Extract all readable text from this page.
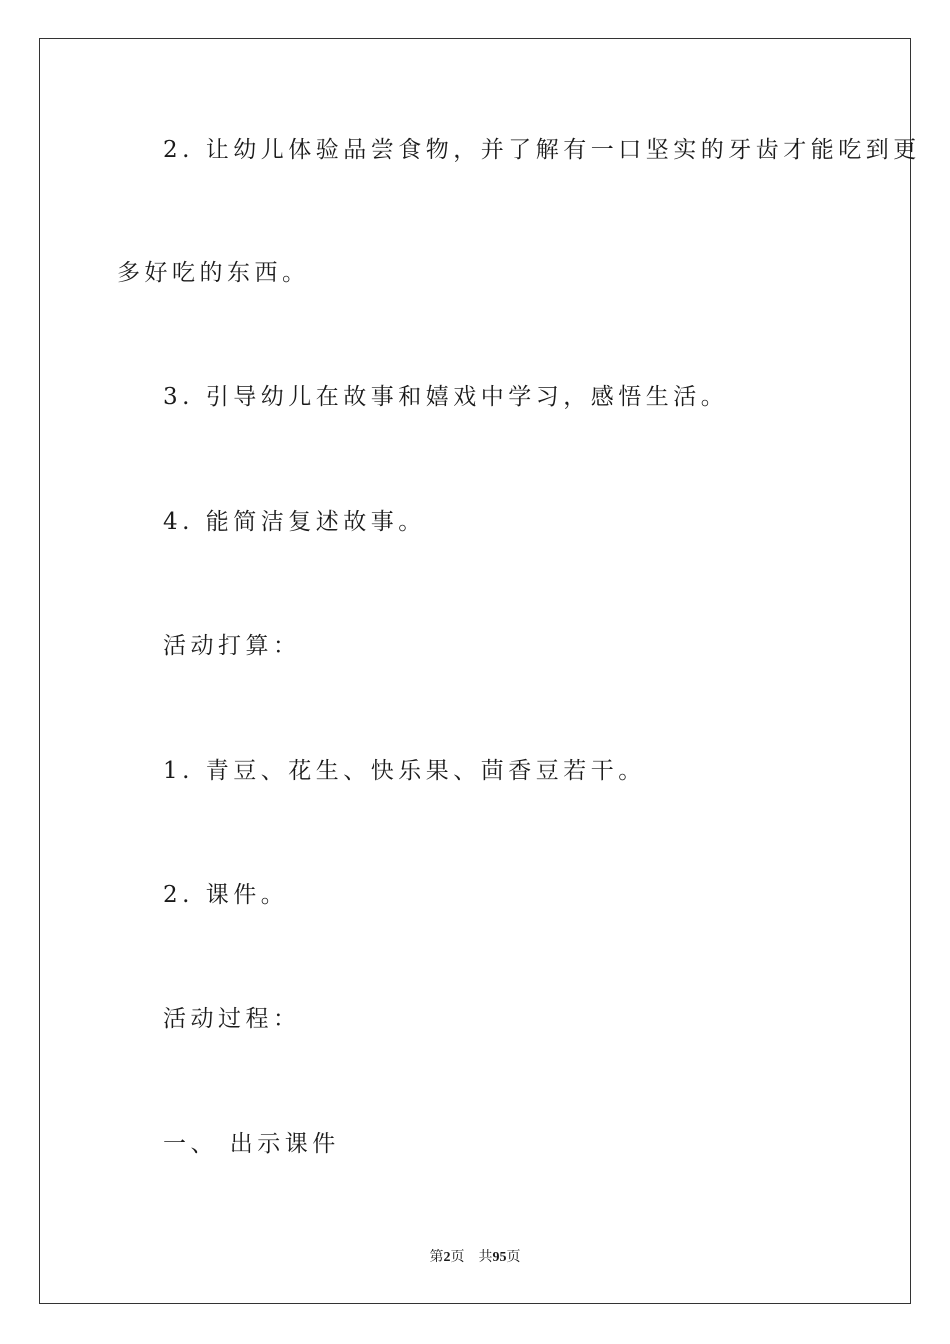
2. 让幼儿体验品尝食物，并了解有一口坚实的牙齿才能吃到更
多好吃的东西。
3. 引导幼儿在故事和嬉戏中学习，感悟生活。
4. 能简洁复述故事。
活动打算：
1. 青豆、花生、快乐果、茴香豆若干。
2. 课件。
活动过程：
一、 出示课件
第2页 共95页
